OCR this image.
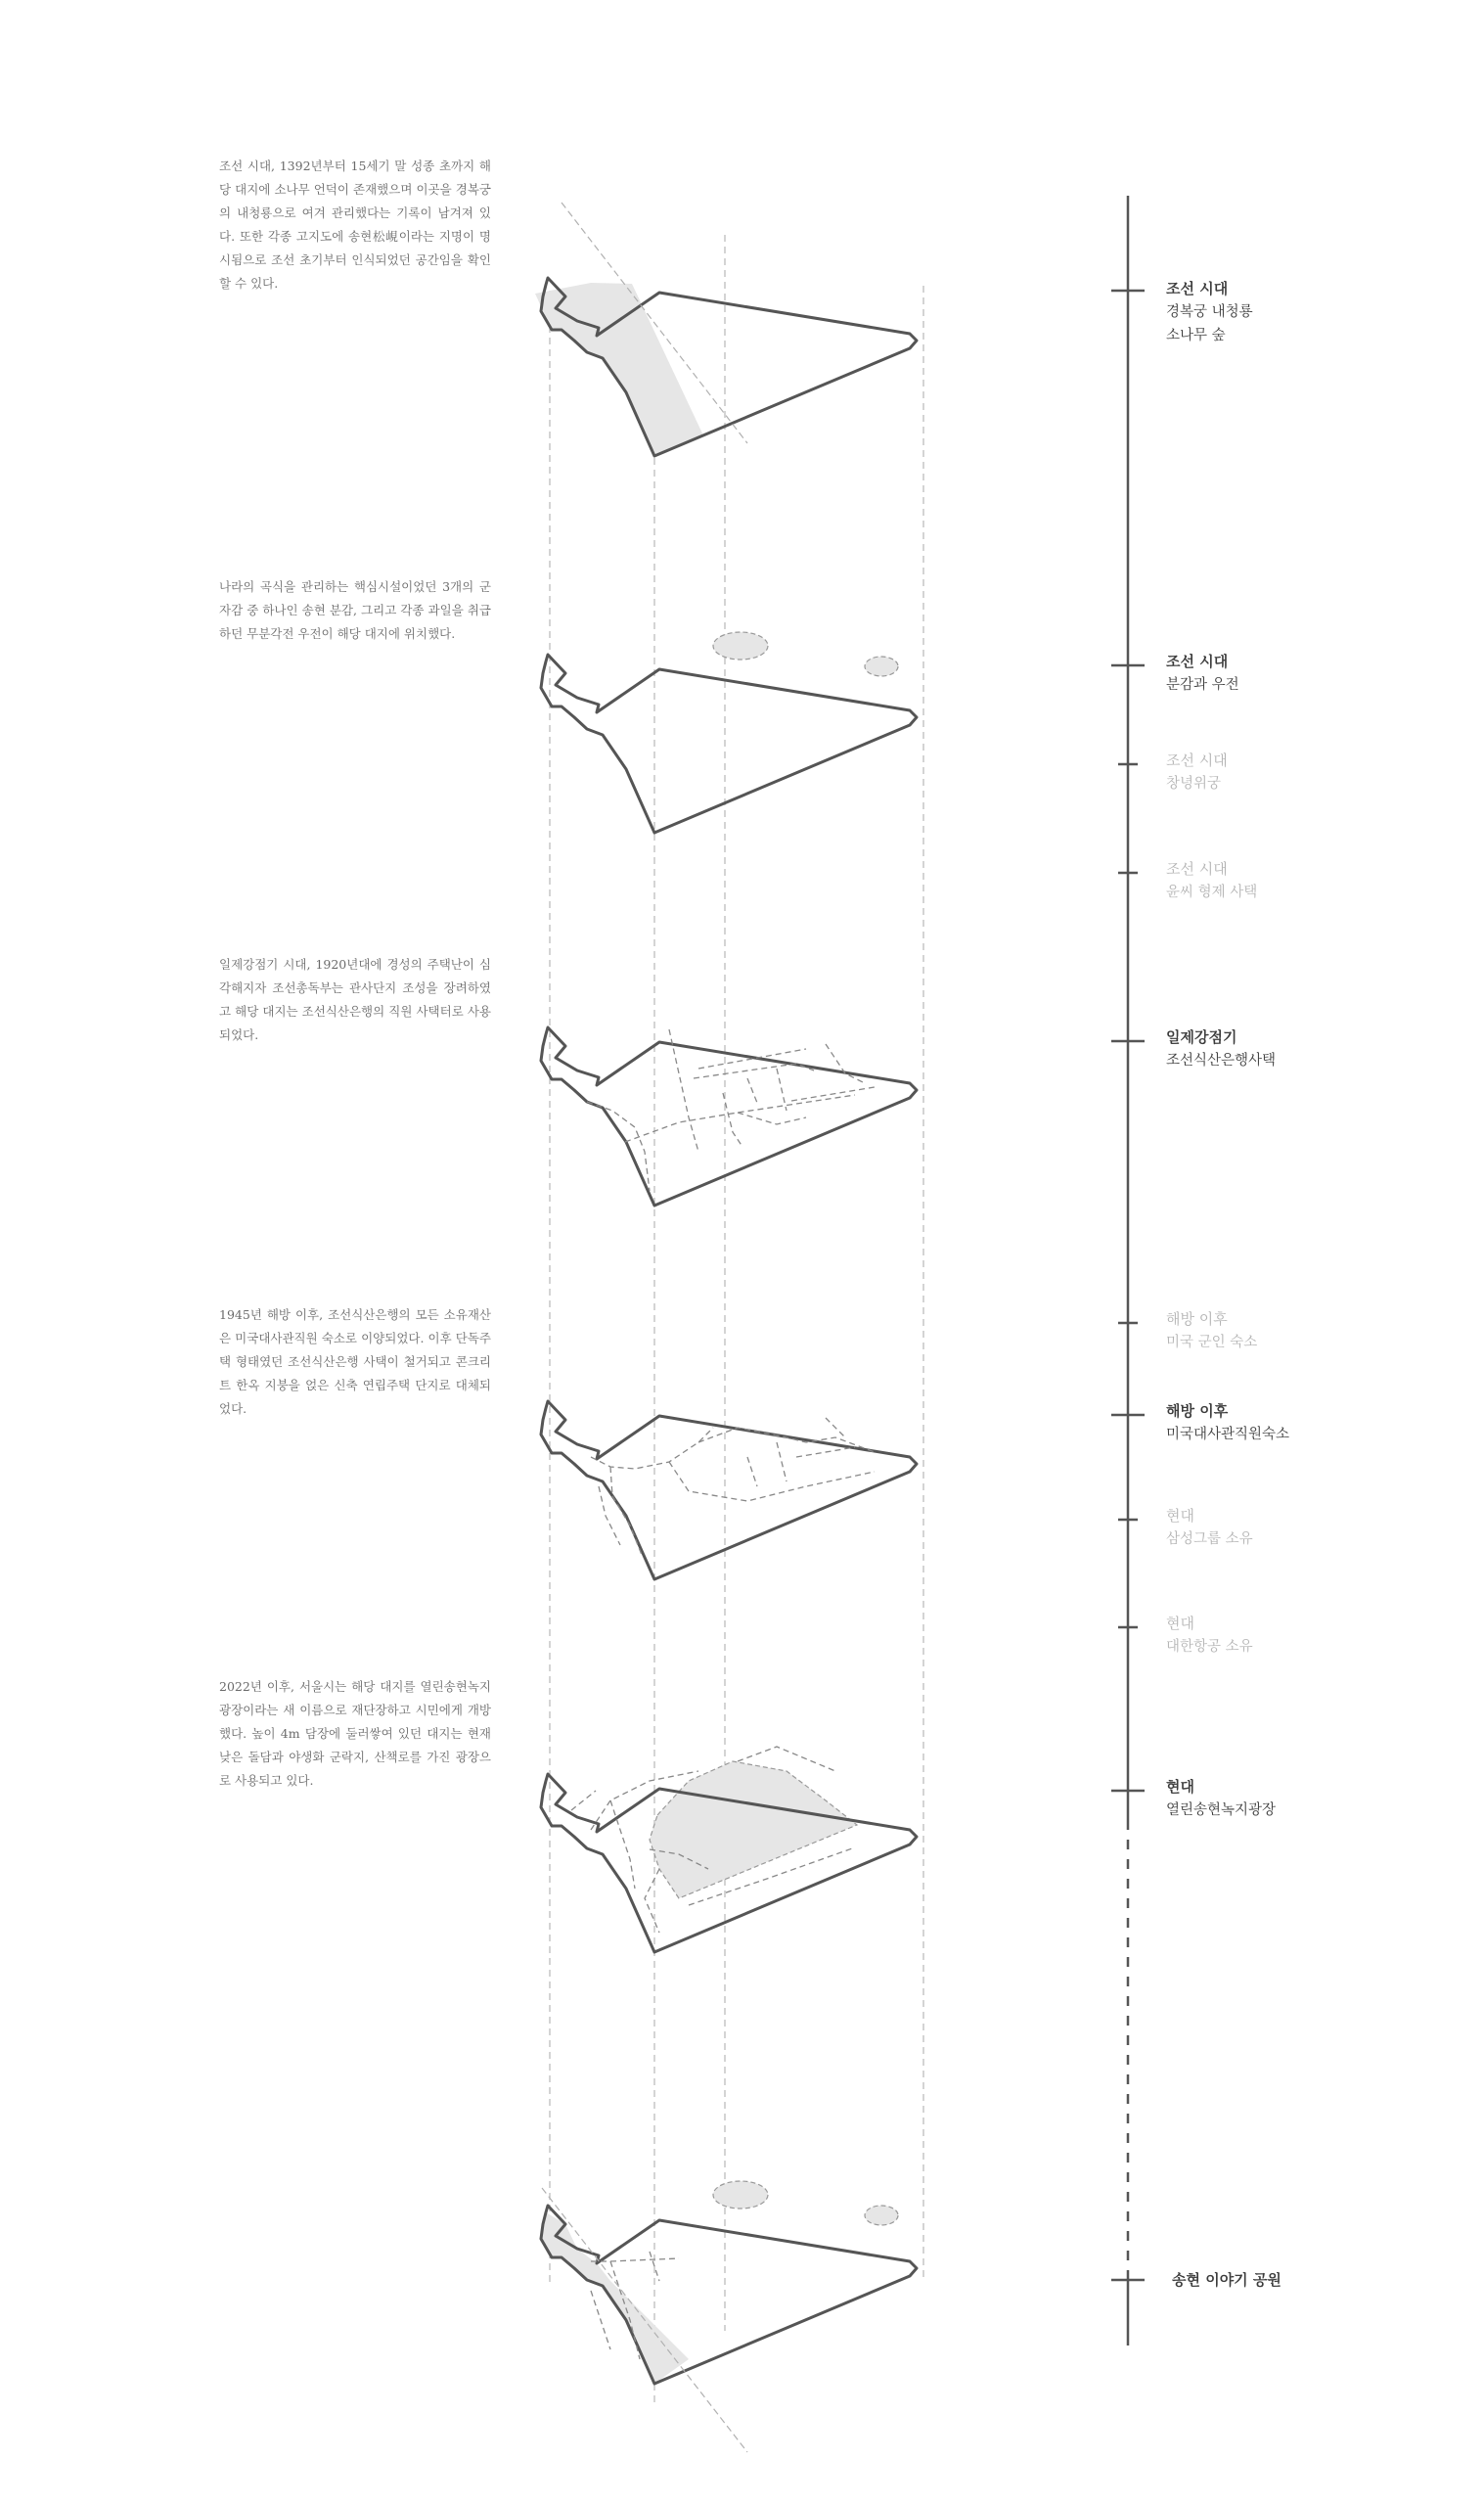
조선 시대, 1392년부터 15세기 말 성종 초까지 해당 대지에 소나무 언덕이 존재했으며 이곳을 경복궁의 내청룡으로 여겨 관리했다는 기록이 남겨져 있다. 또한 각종 고지도에 송현松峴이라는 지명이 명시됨으로 조선 초기부터 인식되었던 공간임을 확인할 수 있다.

나라의 곡식을 관리하는 핵심시설이었던 3개의 군자감 중 하나인 송현 분감, 그리고 각종 과일을 취급하던 무분각전 우전이 해당 대지에 위치했다.

일제강점기 시대, 1920년대에 경성의 주택난이 심각해지자 조선총독부는 관사단지 조성을 장려하였고 해당 대지는 조선식산은행의 직원 사택터로 사용되었다.

1945년 해방 이후, 조선식산은행의 모든 소유재산은 미국대사관직원 숙소로 이양되었다. 이후 단독주택 형태였던 조선식산은행 사택이 철거되고 콘크리트 한옥 지붕을 얹은 신축 연립주택 단지로 대체되었다.

2022년 이후, 서울시는 해당 대지를 열린송현녹지광장이라는 새 이름으로 재단장하고 시민에게 개방했다. 높이 4m 담장에 둘러쌓여 있던 대지는 현재 낮은 돌담과 야생화 군락지, 산책로를 가진 광장으로 사용되고 있다.

조선 시대
경복궁 내청룡
소나무 숲
조선 시대
분감과 우전
조선 시대
창녕위궁
조선 시대
윤씨 형제 사택
일제강점기
조선식산은행사택
해방 이후
미국 군인 숙소
해방 이후
미국대사관직원숙소
현대
삼성그룹 소유
현대
대한항공 소유
현대
열린송현녹지광장
송현 이야기 공원
